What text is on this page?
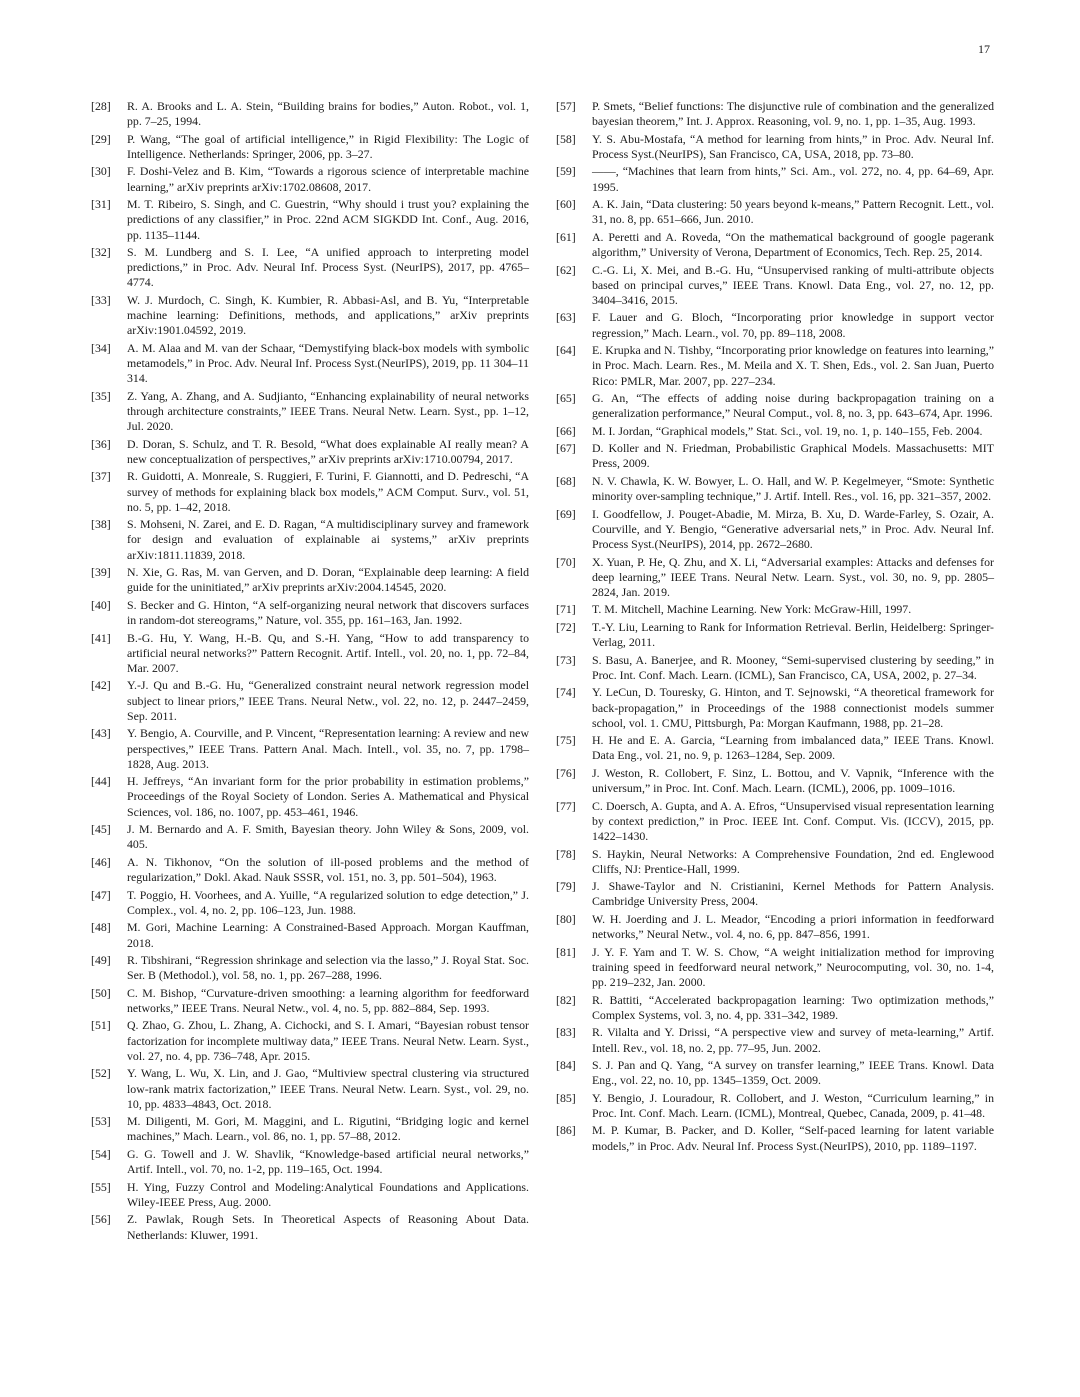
17
[28]	R. A. Brooks and L. A. Stein, “Building brains for bodies,” Auton. Robot., vol. 1, pp. 7–25, 1994.
[29]	P. Wang, “The goal of artificial intelligence,” in Rigid Flexibility: The Logic of Intelligence. Netherlands: Springer, 2006, pp. 3–27.
[30]	F. Doshi-Velez and B. Kim, “Towards a rigorous science of interpretable machine learning,” arXiv preprints arXiv:1702.08608, 2017.
[31]	M. T. Ribeiro, S. Singh, and C. Guestrin, “Why should i trust you? explaining the predictions of any classifier,” in Proc. 22nd ACM SIGKDD Int. Conf., Aug. 2016, pp. 1135–1144.
[32]	S. M. Lundberg and S. I. Lee, “A unified approach to interpreting model predictions,” in Proc. Adv. Neural Inf. Process Syst. (NeurIPS), 2017, pp. 4765–4774.
[33]	W. J. Murdoch, C. Singh, K. Kumbier, R. Abbasi-Asl, and B. Yu, “Interpretable machine learning: Definitions, methods, and applications,” arXiv preprints arXiv:1901.04592, 2019.
[34]	A. M. Alaa and M. van der Schaar, “Demystifying black-box models with symbolic metamodels,” in Proc. Adv. Neural Inf. Process Syst.(NeurIPS), 2019, pp. 11 304–11 314.
[35]	Z. Yang, A. Zhang, and A. Sudjianto, “Enhancing explainability of neural networks through architecture constraints,” IEEE Trans. Neural Netw. Learn. Syst., pp. 1–12, Jul. 2020.
[36]	D. Doran, S. Schulz, and T. R. Besold, “What does explainable AI really mean? A new conceptualization of perspectives,” arXiv preprints arXiv:1710.00794, 2017.
[37]	R. Guidotti, A. Monreale, S. Ruggieri, F. Turini, F. Giannotti, and D. Pedreschi, “A survey of methods for explaining black box models,” ACM Comput. Surv., vol. 51, no. 5, pp. 1–42, 2018.
[38]	S. Mohseni, N. Zarei, and E. D. Ragan, “A multidisciplinary survey and framework for design and evaluation of explainable ai systems,” arXiv preprints arXiv:1811.11839, 2018.
[39]	N. Xie, G. Ras, M. van Gerven, and D. Doran, “Explainable deep learning: A field guide for the uninitiated,” arXiv preprints arXiv:2004.14545, 2020.
[40]	S. Becker and G. Hinton, “A self-organizing neural network that discovers surfaces in random-dot stereograms,” Nature, vol. 355, pp. 161–163, Jan. 1992.
[41]	B.-G. Hu, Y. Wang, H.-B. Qu, and S.-H. Yang, “How to add transparency to artificial neural networks?” Pattern Recognit. Artif. Intell., vol. 20, no. 1, pp. 72–84, Mar. 2007.
[42]	Y.-J. Qu and B.-G. Hu, “Generalized constraint neural network regression model subject to linear priors,” IEEE Trans. Neural Netw., vol. 22, no. 12, p. 2447–2459, Sep. 2011.
[43]	Y. Bengio, A. Courville, and P. Vincent, “Representation learning: A review and new perspectives,” IEEE Trans. Pattern Anal. Mach. Intell., vol. 35, no. 7, pp. 1798–1828, Aug. 2013.
[44]	H. Jeffreys, “An invariant form for the prior probability in estimation problems,” Proceedings of the Royal Society of London. Series A. Mathematical and Physical Sciences, vol. 186, no. 1007, pp. 453–461, 1946.
[45]	J. M. Bernardo and A. F. Smith, Bayesian theory. John Wiley & Sons, 2009, vol. 405.
[46]	A. N. Tikhonov, “On the solution of ill-posed problems and the method of regularization,” Dokl. Akad. Nauk SSSR, vol. 151, no. 3, pp. 501–504), 1963.
[47]	T. Poggio, H. Voorhees, and A. Yuille, “A regularized solution to edge detection,” J. Complex., vol. 4, no. 2, pp. 106–123, Jun. 1988.
[48]	M. Gori, Machine Learning: A Constrained-Based Approach. Morgan Kauffman, 2018.
[49]	R. Tibshirani, “Regression shrinkage and selection via the lasso,” J. Royal Stat. Soc. Ser. B (Methodol.), vol. 58, no. 1, pp. 267–288, 1996.
[50]	C. M. Bishop, “Curvature-driven smoothing: a learning algorithm for feedforward networks,” IEEE Trans. Neural Netw., vol. 4, no. 5, pp. 882–884, Sep. 1993.
[51]	Q. Zhao, G. Zhou, L. Zhang, A. Cichocki, and S. I. Amari, “Bayesian robust tensor factorization for incomplete multiway data,” IEEE Trans. Neural Netw. Learn. Syst., vol. 27, no. 4, pp. 736–748, Apr. 2015.
[52]	Y. Wang, L. Wu, X. Lin, and J. Gao, “Multiview spectral clustering via structured low-rank matrix factorization,” IEEE Trans. Neural Netw. Learn. Syst., vol. 29, no. 10, pp. 4833–4843, Oct. 2018.
[53]	M. Diligenti, M. Gori, M. Maggini, and L. Rigutini, “Bridging logic and kernel machines,” Mach. Learn., vol. 86, no. 1, pp. 57–88, 2012.
[54]	G. G. Towell and J. W. Shavlik, “Knowledge-based artificial neural networks,” Artif. Intell., vol. 70, no. 1-2, pp. 119–165, Oct. 1994.
[55]	H. Ying, Fuzzy Control and Modeling:Analytical Foundations and Applications. Wiley-IEEE Press, Aug. 2000.
[56]	Z. Pawlak, Rough Sets. In Theoretical Aspects of Reasoning About Data. Netherlands: Kluwer, 1991.
[57]	P. Smets, “Belief functions: The disjunctive rule of combination and the generalized bayesian theorem,” Int. J. Approx. Reasoning, vol. 9, no. 1, pp. 1–35, Aug. 1993.
[58]	Y. S. Abu-Mostafa, “A method for learning from hints,” in Proc. Adv. Neural Inf. Process Syst.(NeurIPS), San Francisco, CA, USA, 2018, pp. 73–80.
[59]	——, “Machines that learn from hints,” Sci. Am., vol. 272, no. 4, pp. 64–69, Apr. 1995.
[60]	A. K. Jain, “Data clustering: 50 years beyond k-means,” Pattern Recognit. Lett., vol. 31, no. 8, pp. 651–666, Jun. 2010.
[61]	A. Peretti and A. Roveda, “On the mathematical background of google pagerank algorithm,” University of Verona, Department of Economics, Tech. Rep. 25, 2014.
[62]	C.-G. Li, X. Mei, and B.-G. Hu, “Unsupervised ranking of multi-attribute objects based on principal curves,” IEEE Trans. Knowl. Data Eng., vol. 27, no. 12, pp. 3404–3416, 2015.
[63]	F. Lauer and G. Bloch, “Incorporating prior knowledge in support vector regression,” Mach. Learn., vol. 70, pp. 89–118, 2008.
[64]	E. Krupka and N. Tishby, “Incorporating prior knowledge on features into learning,” in Proc. Mach. Learn. Res., M. Meila and X. T. Shen, Eds., vol. 2. San Juan, Puerto Rico: PMLR, Mar. 2007, pp. 227–234.
[65]	G. An, “The effects of adding noise during backpropagation training on a generalization performance,” Neural Comput., vol. 8, no. 3, pp. 643–674, Apr. 1996.
[66]	M. I. Jordan, “Graphical models,” Stat. Sci., vol. 19, no. 1, p. 140–155, Feb. 2004.
[67]	D. Koller and N. Friedman, Probabilistic Graphical Models. Massachusetts: MIT Press, 2009.
[68]	N. V. Chawla, K. W. Bowyer, L. O. Hall, and W. P. Kegelmeyer, “Smote: Synthetic minority over-sampling technique,” J. Artif. Intell. Res., vol. 16, pp. 321–357, 2002.
[69]	I. Goodfellow, J. Pouget-Abadie, M. Mirza, B. Xu, D. Warde-Farley, S. Ozair, A. Courville, and Y. Bengio, “Generative adversarial nets,” in Proc. Adv. Neural Inf. Process Syst.(NeurIPS), 2014, pp. 2672–2680.
[70]	X. Yuan, P. He, Q. Zhu, and X. Li, “Adversarial examples: Attacks and defenses for deep learning,” IEEE Trans. Neural Netw. Learn. Syst., vol. 30, no. 9, pp. 2805–2824, Jan. 2019.
[71]	T. M. Mitchell, Machine Learning. New York: McGraw-Hill, 1997.
[72]	T.-Y. Liu, Learning to Rank for Information Retrieval. Berlin, Heidelberg: Springer-Verlag, 2011.
[73]	S. Basu, A. Banerjee, and R. Mooney, “Semi-supervised clustering by seeding,” in Proc. Int. Conf. Mach. Learn. (ICML), San Francisco, CA, USA, 2002, p. 27–34.
[74]	Y. LeCun, D. Touresky, G. Hinton, and T. Sejnowski, “A theoretical framework for back-propagation,” in Proceedings of the 1988 connectionist models summer school, vol. 1. CMU, Pittsburgh, Pa: Morgan Kaufmann, 1988, pp. 21–28.
[75]	H. He and E. A. Garcia, “Learning from imbalanced data,” IEEE Trans. Knowl. Data Eng., vol. 21, no. 9, p. 1263–1284, Sep. 2009.
[76]	J. Weston, R. Collobert, F. Sinz, L. Bottou, and V. Vapnik, “Inference with the universum,” in Proc. Int. Conf. Mach. Learn. (ICML), 2006, pp. 1009–1016.
[77]	C. Doersch, A. Gupta, and A. A. Efros, “Unsupervised visual representation learning by context prediction,” in Proc. IEEE Int. Conf. Comput. Vis. (ICCV), 2015, pp. 1422–1430.
[78]	S. Haykin, Neural Networks: A Comprehensive Foundation, 2nd ed. Englewood Cliffs, NJ: Prentice-Hall, 1999.
[79]	J. Shawe-Taylor and N. Cristianini, Kernel Methods for Pattern Analysis. Cambridge University Press, 2004.
[80]	W. H. Joerding and J. L. Meador, “Encoding a priori information in feedforward networks,” Neural Netw., vol. 4, no. 6, pp. 847–856, 1991.
[81]	J. Y. F. Yam and T. W. S. Chow, “A weight initialization method for improving training speed in feedforward neural network,” Neurocomputing, vol. 30, no. 1-4, pp. 219–232, Jan. 2000.
[82]	R. Battiti, “Accelerated backpropagation learning: Two optimization methods,” Complex Systems, vol. 3, no. 4, pp. 331–342, 1989.
[83]	R. Vilalta and Y. Drissi, “A perspective view and survey of meta-learning,” Artif. Intell. Rev., vol. 18, no. 2, pp. 77–95, Jun. 2002.
[84]	S. J. Pan and Q. Yang, “A survey on transfer learning,” IEEE Trans. Knowl. Data Eng., vol. 22, no. 10, pp. 1345–1359, Oct. 2009.
[85]	Y. Bengio, J. Louradour, R. Collobert, and J. Weston, “Curriculum learning,” in Proc. Int. Conf. Mach. Learn. (ICML), Montreal, Quebec, Canada, 2009, p. 41–48.
[86]	M. P. Kumar, B. Packer, and D. Koller, “Self-paced learning for latent variable models,” in Proc. Adv. Neural Inf. Process Syst.(NeurIPS), 2010, pp. 1189–1197.
